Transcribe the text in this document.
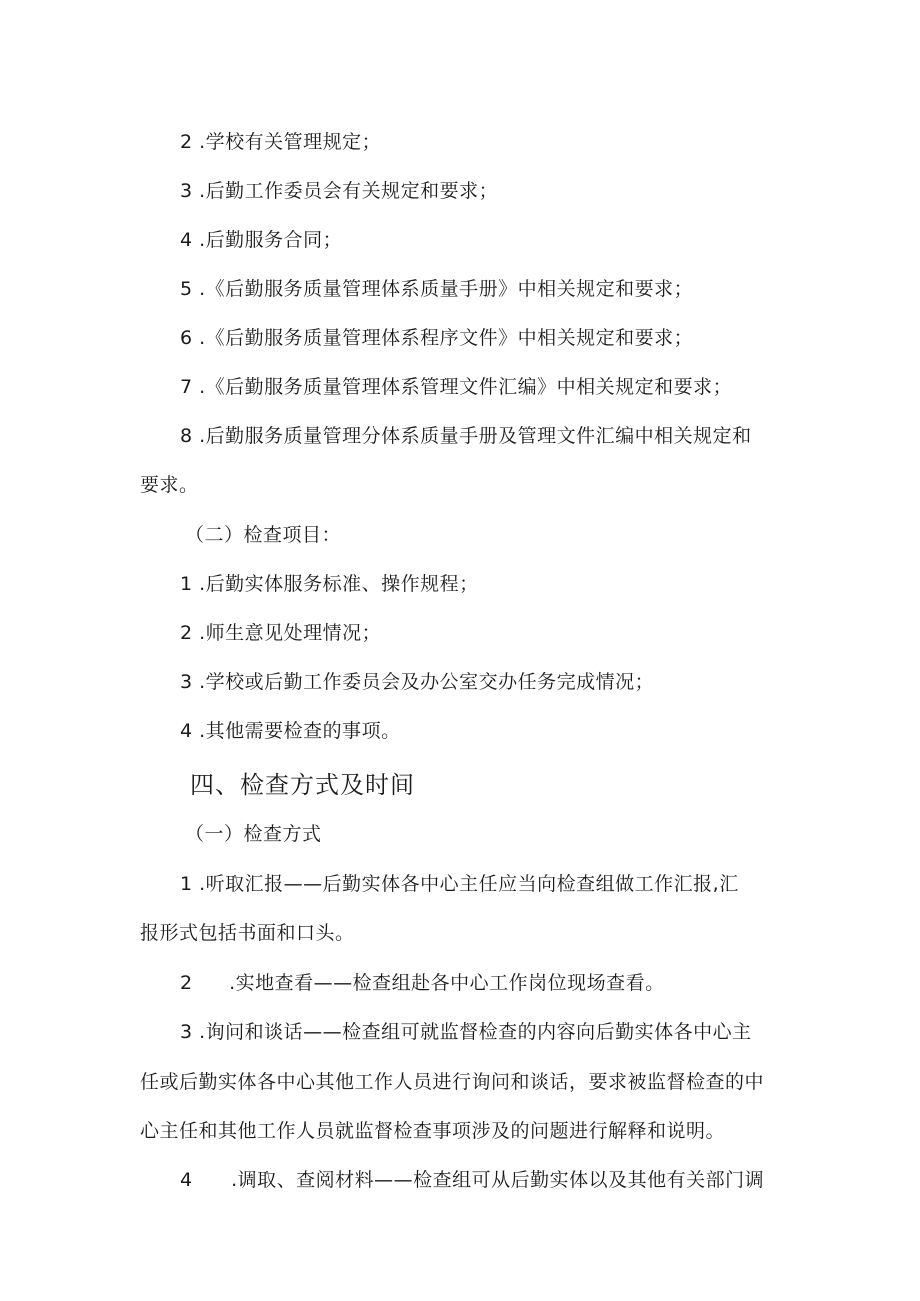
2 .学校有关管理规定；
3 .后勤工作委员会有关规定和要求；
4 .后勤服务合同；
5 .《后勤服务质量管理体系质量手册》中相关规定和要求；
6 .《后勤服务质量管理体系程序文件》中相关规定和要求；
7 .《后勤服务质量管理体系管理文件汇编》中相关规定和要求；
8 .后勤服务质量管理分体系质量手册及管理文件汇编中相关规定和
要求。
（二）检查项目：
1 .后勤实体服务标准、操作规程；
2 .师生意见处理情况；
3 .学校或后勤工作委员会及办公室交办任务完成情况；
4 .其他需要检查的事项。
四、检查方式及时间
（一）检查方式
1 .听取汇报——后勤实体各中心主任应当向检查组做工作汇报,汇
报形式包括书面和口头。
2 .实地查看——检查组赴各中心工作岗位现场查看。
3 .询问和谈话——检查组可就监督检查的内容向后勤实体各中心主
任或后勤实体各中心其他工作人员进行询问和谈话，要求被监督检查的中
心主任和其他工作人员就监督检查事项涉及的问题进行解释和说明。
4 .调取、查阅材料——检查组可从后勤实体以及其他有关部门调
